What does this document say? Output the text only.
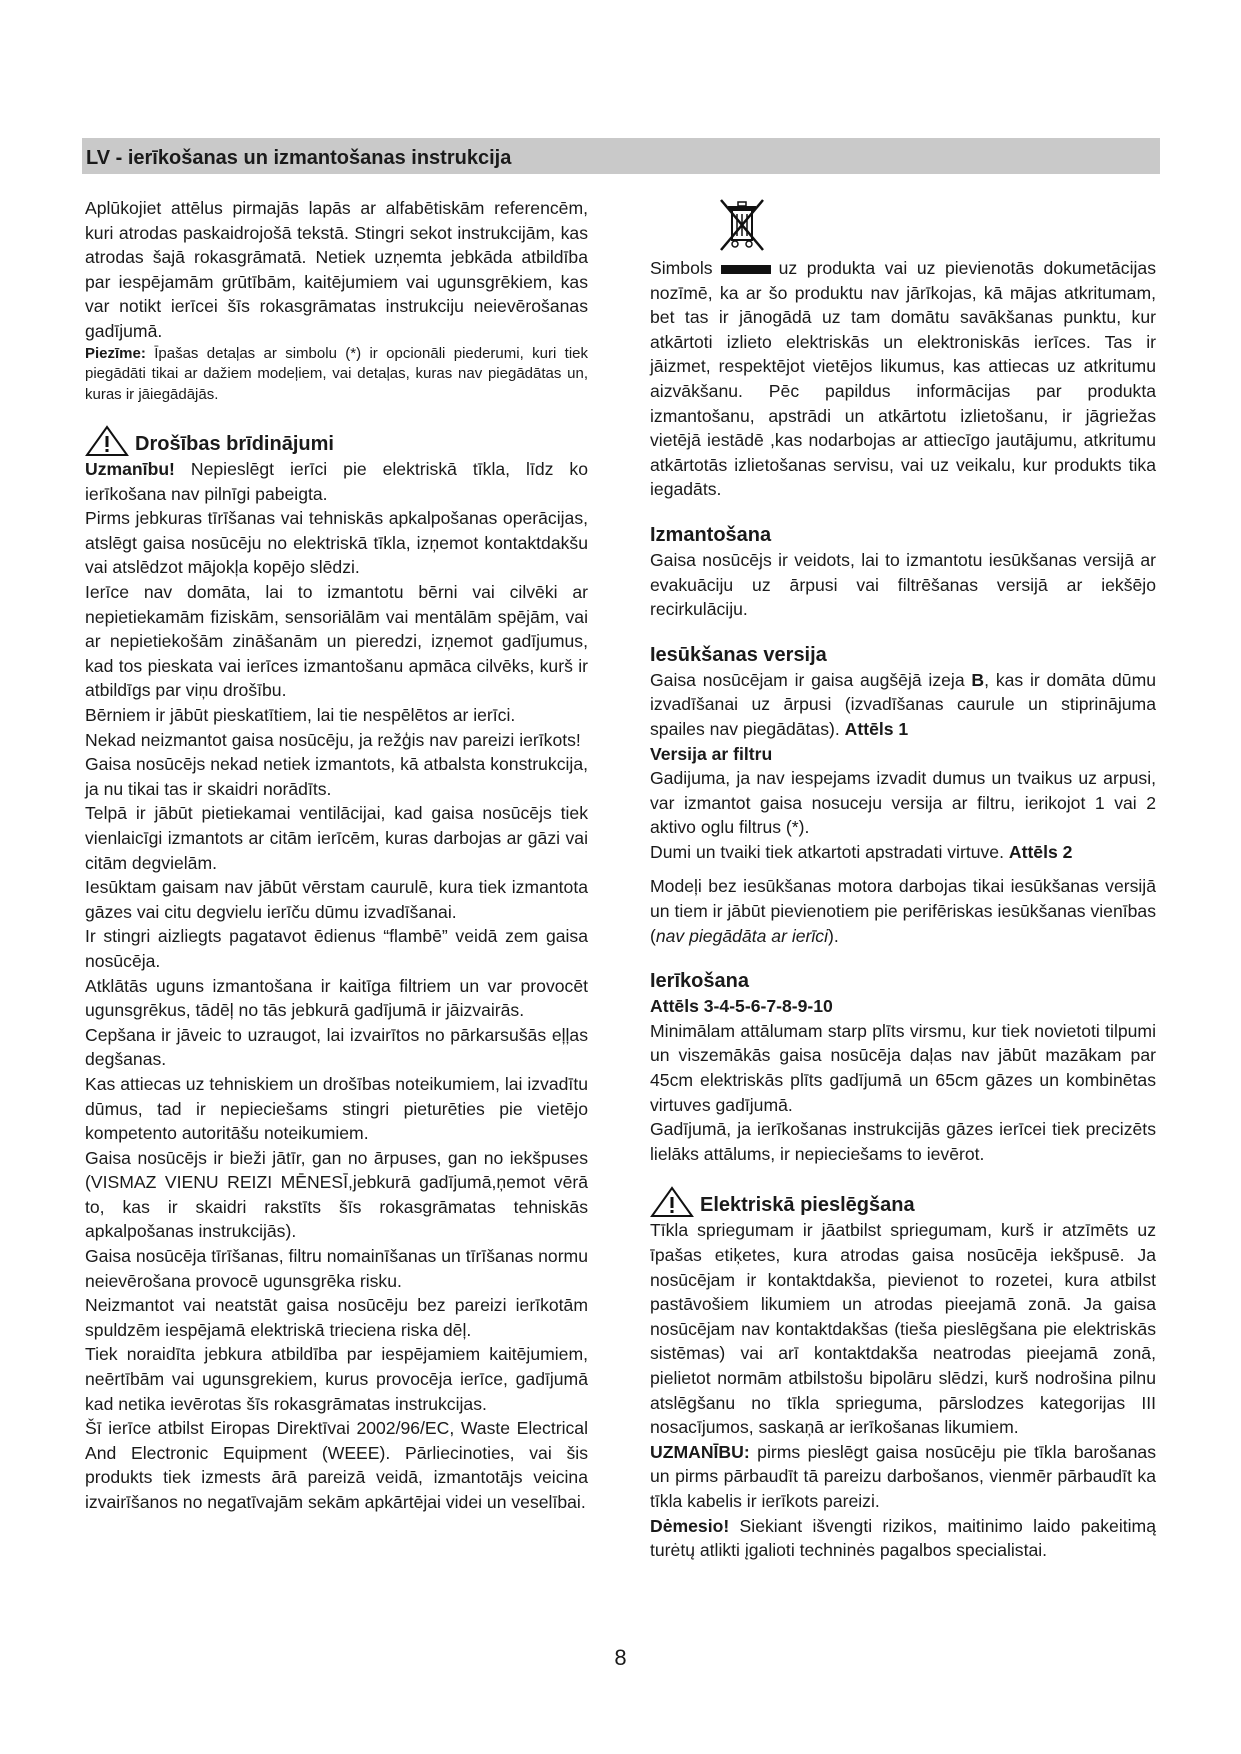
LV - ierīkošanas un izmantošanas instrukcija

Aplūkojiet attēlus pirmajās lapās ar alfabētiskām referencēm, kuri atrodas paskaidrojošā tekstā. Stingri sekot instrukcijām, kas atrodas šajā rokasgrāmatā. Netiek uzņemta jebkāda atbildība par iespējamām grūtībām, kaitējumiem vai ugunsgrēkiem, kas var notikt ierīcei šīs rokasgrāmatas instrukciju neievērošanas gadījumā.

Piezīme: Īpašas detaļas ar simbolu (*) ir opcionāli piederumi, kuri tiek piegādāti tikai ar dažiem modeļiem, vai detaļas, kuras nav piegādātas un, kuras ir jāiegādājās.

Drošības brīdinājumi

Uzmanību! Nepieslēgt ierīci pie elektriskā tīkla, līdz ko ierīkošana nav pilnīgi pabeigta.

Pirms jebkuras tīrīšanas vai tehniskās apkalpošanas operācijas, atslēgt gaisa nosūcēju no elektriskā tīkla, izņemot kontaktdakšu vai atslēdzot mājokļa kopējo slēdzi.

Ierīce nav domāta, lai to izmantotu bērni vai cilvēki ar nepietiekamām fiziskām, sensoriālām vai mentālām spējām, vai ar nepietiekošām zināšanām un pieredzi, izņemot gadījumus, kad tos pieskata vai ierīces izmantošanu apmāca cilvēks, kurš ir atbildīgs par viņu drošību.

Bērniem ir jābūt pieskatītiem, lai tie nespēlētos ar ierīci.

Nekad neizmantot gaisa nosūcēju, ja režģis nav pareizi ierīkots!

Gaisa nosūcējs nekad netiek izmantots, kā atbalsta konstrukcija, ja nu tikai tas ir skaidri norādīts.

Telpā ir jābūt pietiekamai ventilācijai, kad gaisa nosūcējs tiek vienlaicīgi izmantots ar citām ierīcēm, kuras darbojas ar gāzi vai citām degvielām.

Iesūktam gaisam nav jābūt vērstam caurulē, kura tiek izmantota gāzes vai citu degvielu ierīču dūmu izvadīšanai.

Ir stingri aizliegts pagatavot ēdienus “flambē” veidā zem gaisa nosūcēja.

Atklātās uguns izmantošana ir kaitīga filtriem un var provocēt ugunsgrēkus, tādēļ no tās jebkurā gadījumā ir jāizvairās.

Cepšana ir jāveic to uzraugot, lai izvairītos no pārkarsušās eļļas degšanas.

Kas attiecas uz tehniskiem un drošības noteikumiem, lai izvadītu dūmus, tad ir nepieciešams stingri pieturēties pie vietējo kompetento autoritāšu noteikumiem.

Gaisa nosūcējs ir bieži jātīr, gan no ārpuses, gan no iekšpuses (VISMAZ VIENU REIZI MĒNESĪ,jebkurā gadījumā,ņemot vērā to, kas ir skaidri rakstīts šīs rokasgrāmatas tehniskās apkalpošanas instrukcijās).

Gaisa nosūcēja tīrīšanas, filtru nomainīšanas un tīrīšanas normu neievērošana provocē ugunsgrēka risku.

Neizmantot vai neatstāt gaisa nosūcēju bez pareizi ierīkotām spuldzēm iespējamā elektriskā trieciena riska dēļ.

Tiek noraidīta jebkura atbildība par iespējamiem kaitējumiem, neērtībām vai ugunsgrekiem, kurus provocēja ierīce, gadījumā kad netika ievērotas šīs rokasgrāmatas instrukcijas.

Šī ierīce atbilst Eiropas Direktīvai 2002/96/EC, Waste Electrical And Electronic Equipment (WEEE). Pārliecinoties, vai šis produkts tiek izmests ārā pareizā veidā, izmantotājs veicina izvairīšanos no negatīvajām sekām apkārtējai videi un veselībai.

Simbols	uz produkta vai uz pievienotās dokumetācijas nozīmē, ka ar šo produktu nav jārīkojas, kā mājas atkritumam, bet tas ir jānogādā uz tam domātu savākšanas punktu, kur atkārtoti izlieto elektriskās un elektroniskās ierīces. Tas ir jāizmet, respektējot vietējos likumus, kas attiecas uz atkritumu aizvākšanu. Pēc papildus informācijas par produkta izmantošanu, apstrādi un atkārtotu izlietošanu, ir jāgriežas vietējā iestādē ,kas nodarbojas ar attiecīgo jautājumu, atkritumu atkārtotās izlietošanas servisu, vai uz veikalu, kur produkts tika iegadāts.

Izmantošana

Gaisa nosūcējs ir veidots, lai to izmantotu iesūkšanas versijā ar evakuāciju uz ārpusi vai filtrēšanas versijā ar iekšējo recirkulāciju.

Iesūkšanas versija

Gaisa nosūcējam ir gaisa augšējā izeja B, kas ir domāta dūmu izvadīšanai uz ārpusi (izvadīšanas caurule un stiprinājuma spailes nav piegādātas). Attēls 1

Versija ar filtru

Gadijuma, ja nav iespejams izvadit dumus un tvaikus uz arpusi, var izmantot gaisa nosuceju versija ar filtru, ierikojot 1 vai 2 aktivo oglu filtrus (*).

Dumi un tvaiki tiek atkartoti apstradati virtuve. Attēls 2

Modeļi bez iesūkšanas motora darbojas tikai iesūkšanas versijā un tiem ir jābūt pievienotiem pie perifēriskas iesūkšanas vienības (nav piegādāta ar ierīci).

Ierīkošana

Attēls 3-4-5-6-7-8-9-10

Minimālam attālumam starp plīts virsmu, kur tiek novietoti tilpumi un viszemākās gaisa nosūcēja daļas nav jābūt mazākam par 45cm elektriskās plīts gadījumā un 65cm gāzes un kombinētas virtuves gadījumā.

Gadījumā, ja ierīkošanas instrukcijās gāzes ierīcei tiek precizēts lielāks attālums, ir nepieciešams to ievērot.

Elektriskā pieslēgšana

Tīkla spriegumam ir jāatbilst spriegumam, kurš ir atzīmēts uz īpašas etiķetes, kura atrodas gaisa nosūcēja iekšpusē. Ja nosūcējam ir kontaktdakša, pievienot to rozetei, kura atbilst pastāvošiem likumiem un atrodas pieejamā zonā. Ja gaisa nosūcējam nav kontaktdakšas (tieša pieslēgšana pie elektriskās sistēmas) vai arī kontaktdakša neatrodas pieejamā zonā, pielietot normām atbilstošu bipolāru slēdzi, kurš nodrošina pilnu atslēgšanu no tīkla sprieguma, pārslodzes kategorijas III nosacījumos, saskaņā ar ierīkošanas likumiem.

UZMANĪBU: pirms pieslēgt gaisa nosūcēju pie tīkla barošanas un pirms pārbaudīt tā pareizu darbošanos, vienmēr pārbaudīt ka tīkla kabelis ir ierīkots pareizi.

Dėmesio! Siekiant išvengti rizikos, maitinimo laido pakeitimą turėtų atlikti įgalioti techninės pagalbos specialistai.

8
